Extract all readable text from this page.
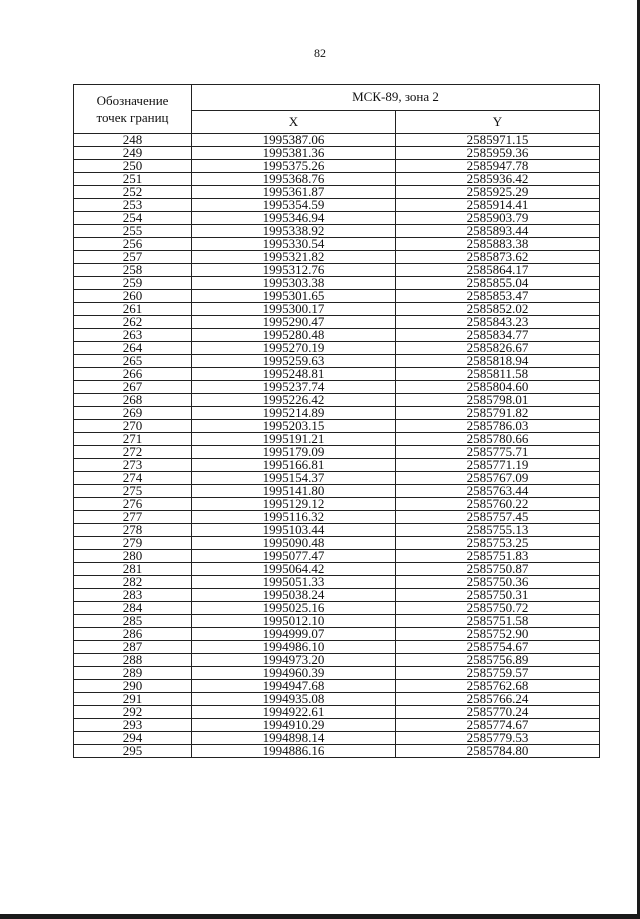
82
Обозначение
точек границ	МСК-89, зона 2	
	X	Y
248	1995387.06	2585971.15
249	1995381.36	2585959.36
250	1995375.26	2585947.78
251	1995368.76	2585936.42
252	1995361.87	2585925.29
253	1995354.59	2585914.41
254	1995346.94	2585903.79
255	1995338.92	2585893.44
256	1995330.54	2585883.38
257	1995321.82	2585873.62
258	1995312.76	2585864.17
259	1995303.38	2585855.04
260	1995301.65	2585853.47
261	1995300.17	2585852.02
262	1995290.47	2585843.23
263	1995280.48	2585834.77
264	1995270.19	2585826.67
265	1995259.63	2585818.94
266	1995248.81	2585811.58
267	1995237.74	2585804.60
268	1995226.42	2585798.01
269	1995214.89	2585791.82
270	1995203.15	2585786.03
271	1995191.21	2585780.66
272	1995179.09	2585775.71
273	1995166.81	2585771.19
274	1995154.37	2585767.09
275	1995141.80	2585763.44
276	1995129.12	2585760.22
277	1995116.32	2585757.45
278	1995103.44	2585755.13
279	1995090.48	2585753.25
280	1995077.47	2585751.83
281	1995064.42	2585750.87
282	1995051.33	2585750.36
283	1995038.24	2585750.31
284	1995025.16	2585750.72
285	1995012.10	2585751.58
286	1994999.07	2585752.90
287	1994986.10	2585754.67
288	1994973.20	2585756.89
289	1994960.39	2585759.57
290	1994947.68	2585762.68
291	1994935.08	2585766.24
292	1994922.61	2585770.24
293	1994910.29	2585774.67
294	1994898.14	2585779.53
295	1994886.16	2585784.80
